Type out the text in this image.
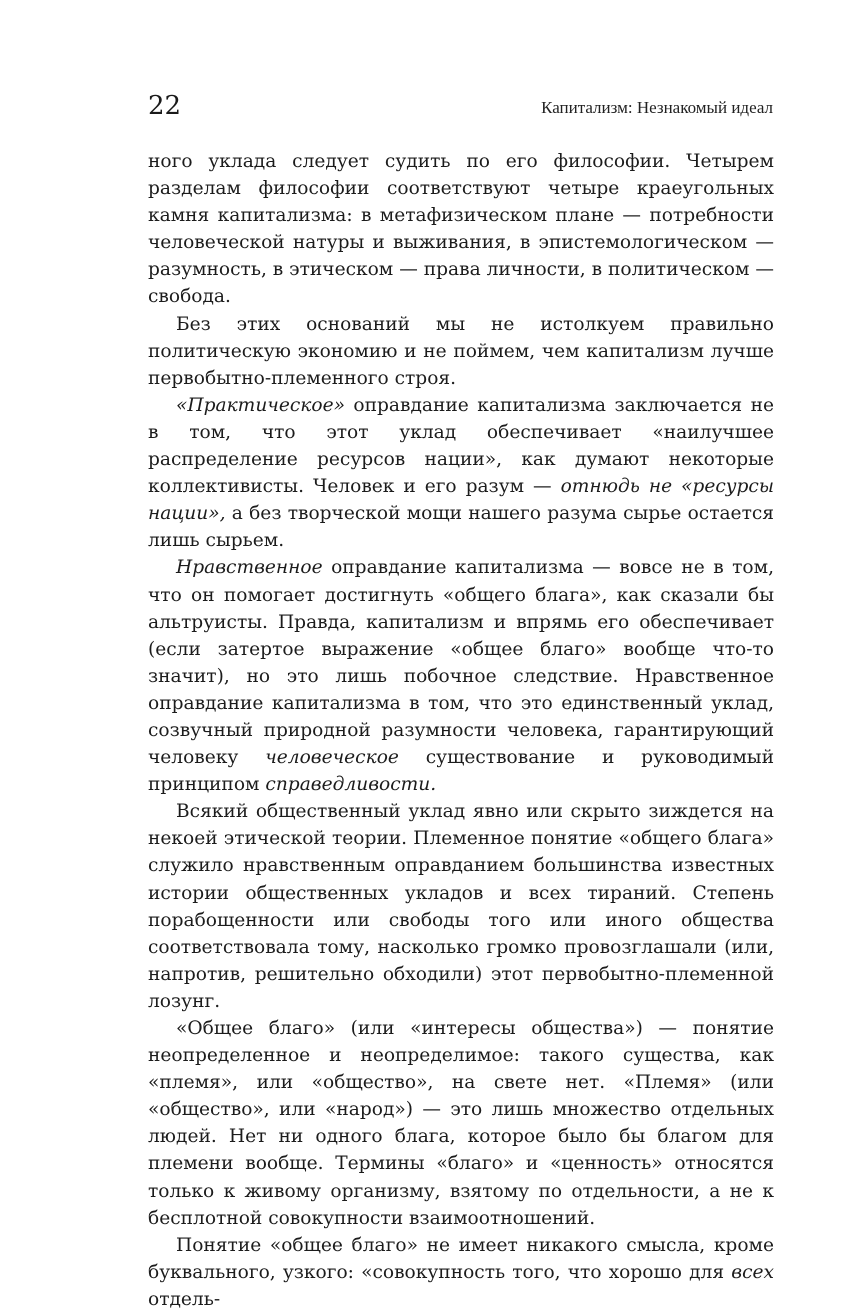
22	Капитализм: Незнакомый идеал

ного уклада следует судить по его философии. Четырем разделам философии соответствуют четыре краеугольных камня капитализма: в метафизическом плане — потребности человеческой натуры и выживания, в эпистемологическом — разумность, в этическом — права личности, в политическом — свобода.

Без этих оснований мы не истолкуем правильно политическую экономию и не поймем, чем капитализм лучше первобытно-племенного строя.

«Практическое» оправдание капитализма заключается не в том, что этот уклад обеспечивает «наилучшее распределение ресурсов нации», как думают некоторые коллективисты. Человек и его разум — отнюдь не «ресурсы нации», а без творческой мощи нашего разума сырье остается лишь сырьем.

Нравственное оправдание капитализма — вовсе не в том, что он помогает достигнуть «общего блага», как сказали бы альтруисты. Правда, капитализм и впрямь его обеспечивает (если затертое выражение «общее благо» вообще что-то значит), но это лишь побочное следствие. Нравственное оправдание капитализма в том, что это единственный уклад, созвучный природной разумности человека, гарантирующий человеку человеческое существование и руководимый принципом справедливости.

Всякий общественный уклад явно или скрыто зиждется на некоей этической теории. Племенное понятие «общего блага» служило нравственным оправданием большинства известных истории общественных укладов и всех тираний. Степень порабощенности или свободы того или иного общества соответствовала тому, насколько громко провозглашали (или, напротив, решительно обходили) этот первобытно-племенной лозунг.

«Общее благо» (или «интересы общества») — понятие неопределенное и неопределимое: такого существа, как «племя», или «общество», на свете нет. «Племя» (или «общество», или «народ») — это лишь множество отдельных людей. Нет ни одного блага, которое было бы благом для племени вообще. Термины «благо» и «ценность» относятся только к живому организму, взятому по отдельности, а не к бесплотной совокупности взаимоотношений.

Понятие «общее благо» не имеет никакого смысла, кроме буквального, узкого: «совокупность того, что хорошо для всех отдель-
